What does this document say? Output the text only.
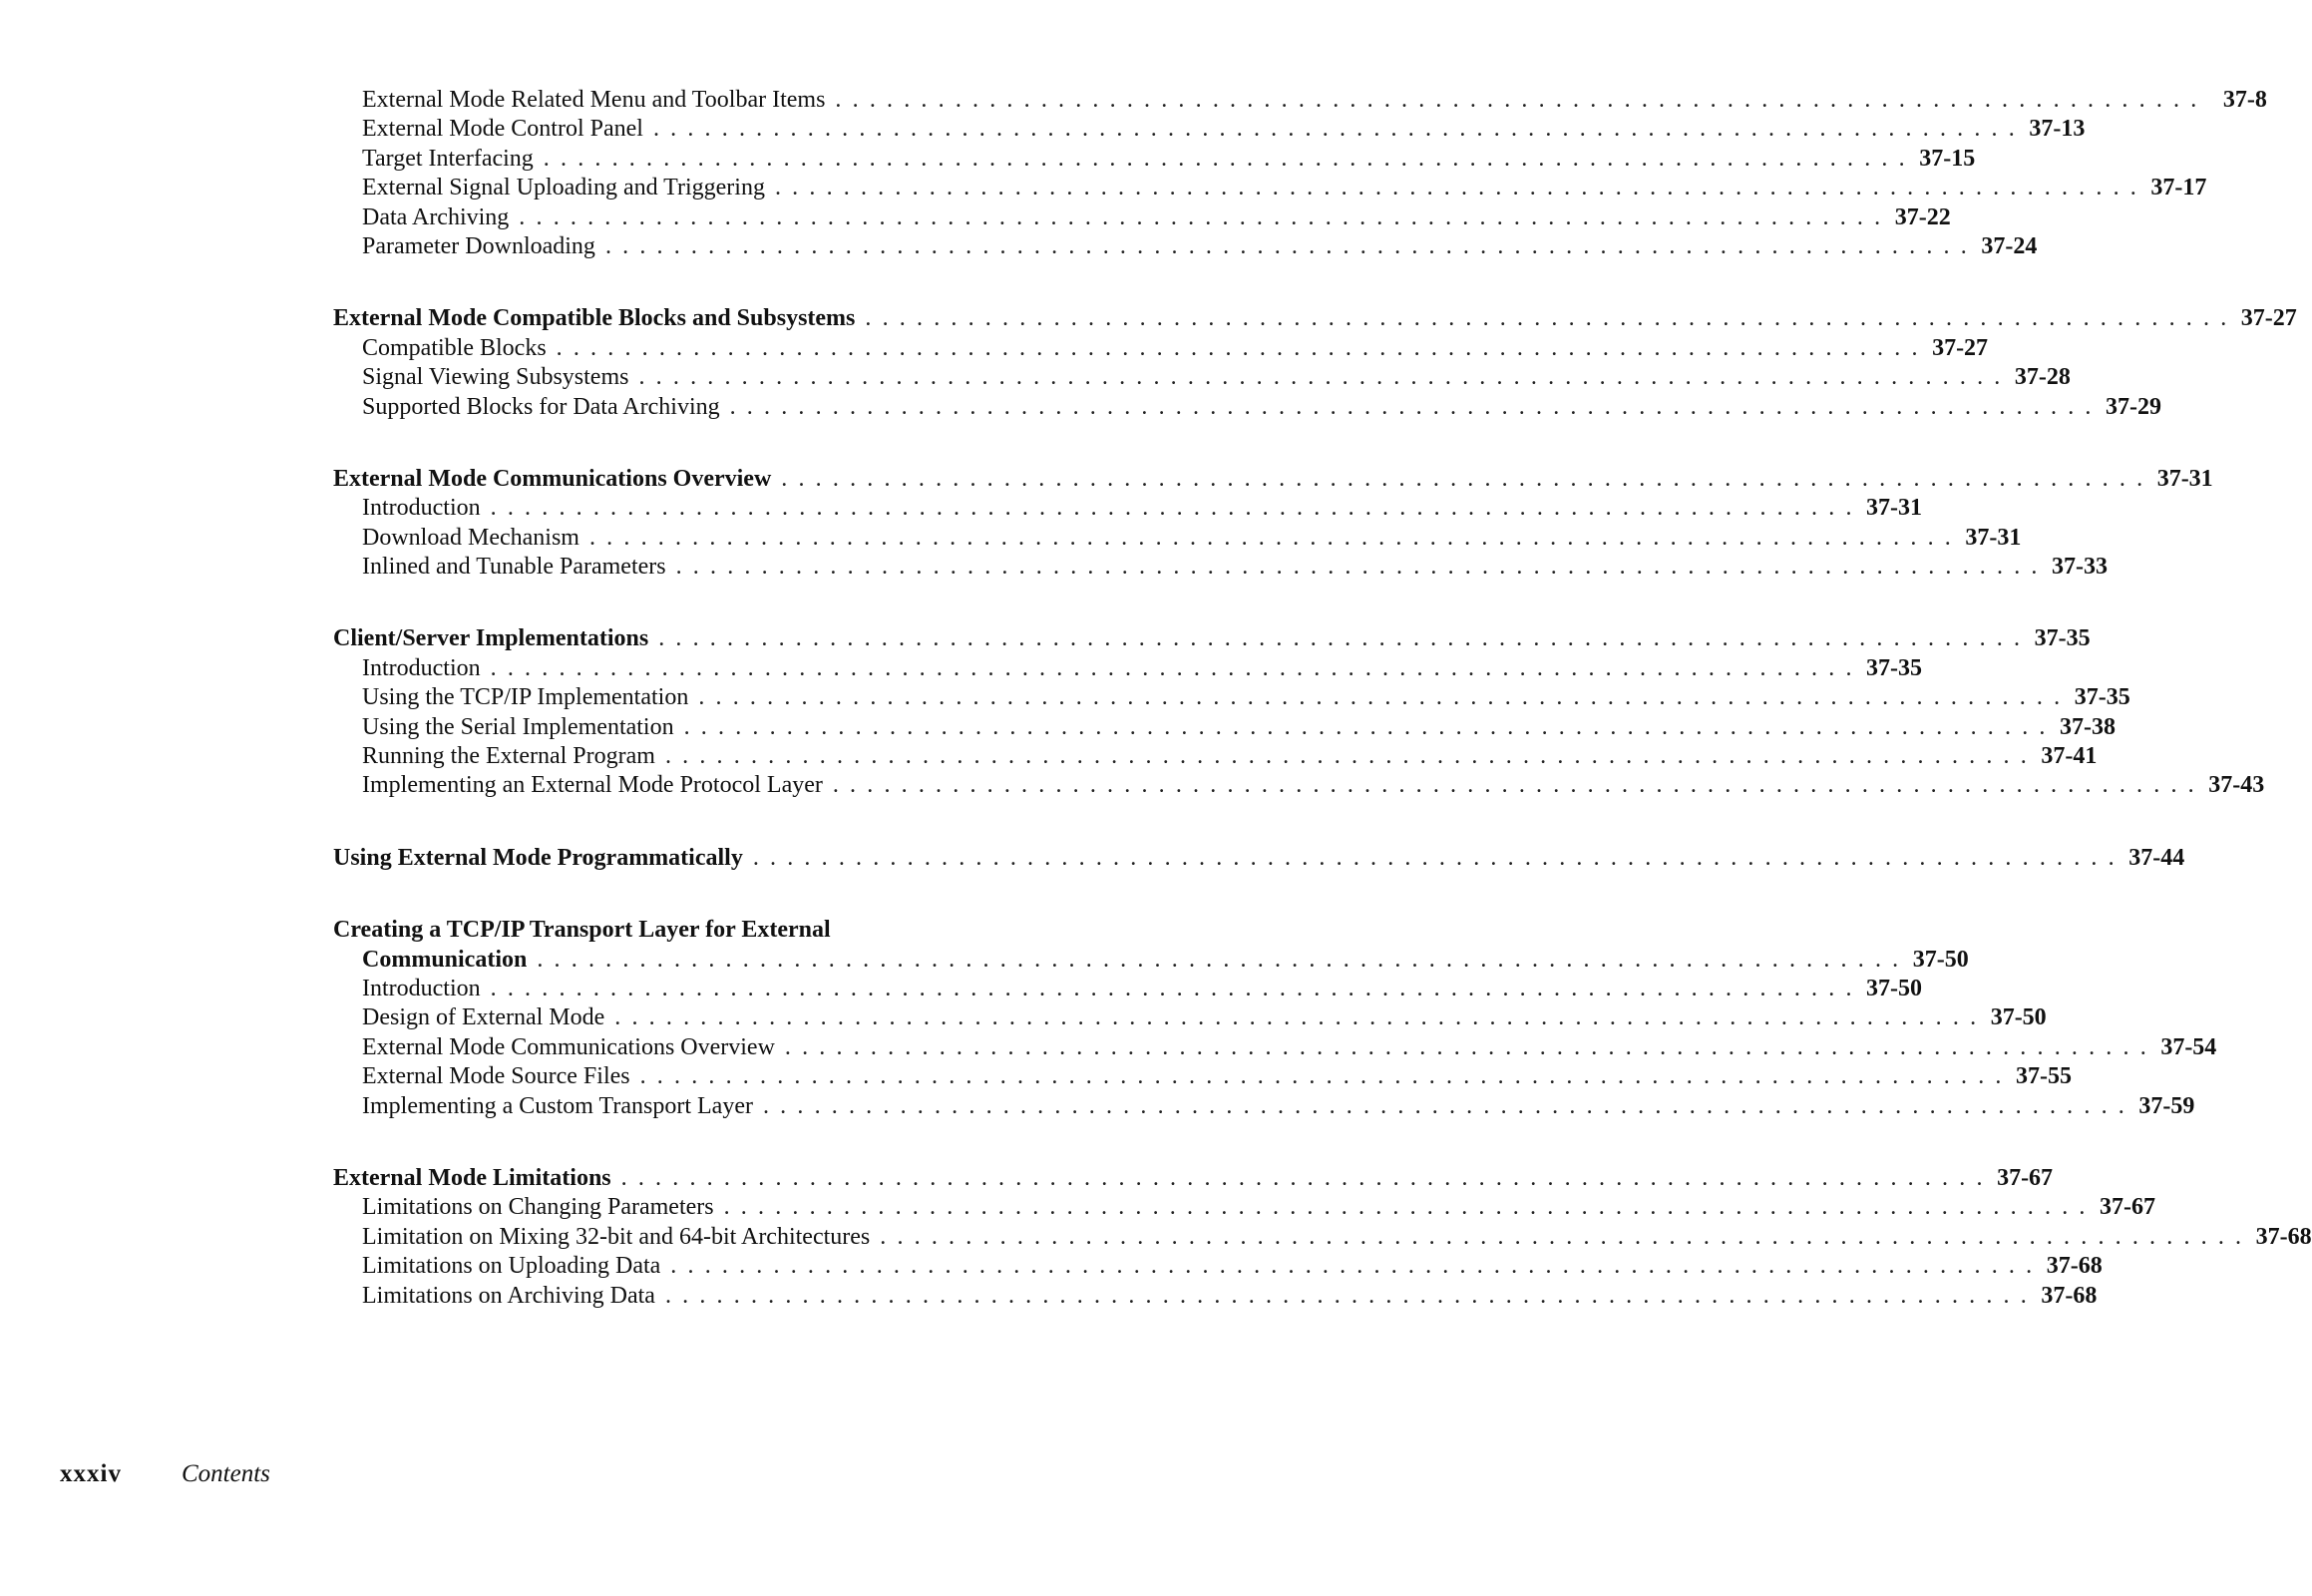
External Mode Related Menu and Toolbar Items . . . . . . . . . . . . . . . . . . . . . . . . . . . . . . . . . . . . . . . . . . . . . . . . . . . . . . . . . . . . . . . . . . . . . . . . . . . . . . . .	37-8
External Mode Control Panel . . . . . . . . . . . . . . . . . . . . . . . . . . . . . . . . . . . . . . . . . . . . . . . . . . . . . . . . . . . . . . . . . . . . . . . . . . . . . . . . 37-13
Target Interfacing . . . . . . . . . . . . . . . . . . . . . . . . . . . . . . . . . . . . . . . . . . . . . . . . . . . . . . . . . . . . . . . . . . . . . . . . . . . . . . . . 37-15
External Signal Uploading and Triggering . . . . . . . . . . . . . . . . . . . . . . . . . . . . . . . . . . . . . . . . . . . . . . . . . . . . . . . . . . . . . . . . . . . . . . . . . . . . . . . . 37-17
Data Archiving . . . . . . . . . . . . . . . . . . . . . . . . . . . . . . . . . . . . . . . . . . . . . . . . . . . . . . . . . . . . . . . . . . . . . . . . . . . . . . . . 37-22
Parameter Downloading . . . . . . . . . . . . . . . . . . . . . . . . . . . . . . . . . . . . . . . . . . . . . . . . . . . . . . . . . . . . . . . . . . . . . . . . . . . . . . . . 37-24
External Mode Compatible Blocks and Subsystems . . . . . . . . . . . . . . . . . . . . . . . . . . . . . . . . . . . . . . . . . . . . . . . . . . . . . . . . . . . . . . . . . . . . . . . . . . . . . . . . 37-27
Compatible Blocks . . . . . . . . . . . . . . . . . . . . . . . . . . . . . . . . . . . . . . . . . . . . . . . . . . . . . . . . . . . . . . . . . . . . . . . . . . . . . . . . 37-27
Signal Viewing Subsystems . . . . . . . . . . . . . . . . . . . . . . . . . . . . . . . . . . . . . . . . . . . . . . . . . . . . . . . . . . . . . . . . . . . . . . . . . . . . . . . . 37-28
Supported Blocks for Data Archiving . . . . . . . . . . . . . . . . . . . . . . . . . . . . . . . . . . . . . . . . . . . . . . . . . . . . . . . . . . . . . . . . . . . . . . . . . . . . . . . . 37-29
External Mode Communications Overview . . . . . . . . . . . . . . . . . . . . . . . . . . . . . . . . . . . . . . . . . . . . . . . . . . . . . . . . . . . . . . . . . . . . . . . . . . . . . . . . 37-31
Introduction . . . . . . . . . . . . . . . . . . . . . . . . . . . . . . . . . . . . . . . . . . . . . . . . . . . . . . . . . . . . . . . . . . . . . . . . . . . . . . . . 37-31
Download Mechanism . . . . . . . . . . . . . . . . . . . . . . . . . . . . . . . . . . . . . . . . . . . . . . . . . . . . . . . . . . . . . . . . . . . . . . . . . . . . . . . . 37-31
Inlined and Tunable Parameters . . . . . . . . . . . . . . . . . . . . . . . . . . . . . . . . . . . . . . . . . . . . . . . . . . . . . . . . . . . . . . . . . . . . . . . . . . . . . . . . 37-33
Client/Server Implementations . . . . . . . . . . . . . . . . . . . . . . . . . . . . . . . . . . . . . . . . . . . . . . . . . . . . . . . . . . . . . . . . . . . . . . . . . . . . . . . . 37-35
Introduction . . . . . . . . . . . . . . . . . . . . . . . . . . . . . . . . . . . . . . . . . . . . . . . . . . . . . . . . . . . . . . . . . . . . . . . . . . . . . . . . 37-35
Using the TCP/IP Implementation . . . . . . . . . . . . . . . . . . . . . . . . . . . . . . . . . . . . . . . . . . . . . . . . . . . . . . . . . . . . . . . . . . . . . . . . . . . . . . . . 37-35
Using the Serial Implementation . . . . . . . . . . . . . . . . . . . . . . . . . . . . . . . . . . . . . . . . . . . . . . . . . . . . . . . . . . . . . . . . . . . . . . . . . . . . . . . . 37-38
Running the External Program . . . . . . . . . . . . . . . . . . . . . . . . . . . . . . . . . . . . . . . . . . . . . . . . . . . . . . . . . . . . . . . . . . . . . . . . . . . . . . . . 37-41
Implementing an External Mode Protocol Layer . . . . . . . . . . . . . . . . . . . . . . . . . . . . . . . . . . . . . . . . . . . . . . . . . . . . . . . . . . . . . . . . . . . . . . . . . . . . . . . . 37-43
Using External Mode Programmatically . . . . . . . . . . . . . . . . . . . . . . . . . . . . . . . . . . . . . . . . . . . . . . . . . . . . . . . . . . . . . . . . . . . . . . . . . . . . . . . . 37-44
Creating a TCP/IP Transport Layer for External
Communication . . . . . . . . . . . . . . . . . . . . . . . . . . . . . . . . . . . . . . . . . . . . . . . . . . . . . . . . . . . . . . . . . . . . . . . . . . . . . . . . 37-50
Introduction . . . . . . . . . . . . . . . . . . . . . . . . . . . . . . . . . . . . . . . . . . . . . . . . . . . . . . . . . . . . . . . . . . . . . . . . . . . . . . . . 37-50
Design of External Mode . . . . . . . . . . . . . . . . . . . . . . . . . . . . . . . . . . . . . . . . . . . . . . . . . . . . . . . . . . . . . . . . . . . . . . . . . . . . . . . . 37-50
External Mode Communications Overview . . . . . . . . . . . . . . . . . . . . . . . . . . . . . . . . . . . . . . . . . . . . . . . . . . . . . . . . . . . . . . . . . . . . . . . . . . . . . . . . 37-54
External Mode Source Files . . . . . . . . . . . . . . . . . . . . . . . . . . . . . . . . . . . . . . . . . . . . . . . . . . . . . . . . . . . . . . . . . . . . . . . . . . . . . . . . 37-55
Implementing a Custom Transport Layer . . . . . . . . . . . . . . . . . . . . . . . . . . . . . . . . . . . . . . . . . . . . . . . . . . . . . . . . . . . . . . . . . . . . . . . . . . . . . . . . 37-59
External Mode Limitations . . . . . . . . . . . . . . . . . . . . . . . . . . . . . . . . . . . . . . . . . . . . . . . . . . . . . . . . . . . . . . . . . . . . . . . . . . . . . . . . 37-67
Limitations on Changing Parameters . . . . . . . . . . . . . . . . . . . . . . . . . . . . . . . . . . . . . . . . . . . . . . . . . . . . . . . . . . . . . . . . . . . . . . . . . . . . . . . . 37-67
Limitation on Mixing 32-bit and 64-bit Architectures . . . . . . . . . . . . . . . . . . . . . . . . . . . . . . . . . . . . . . . . . . . . . . . . . . . . . . . . . . . . . . . . . . . . . . . . . . . . . . . . 37-68
Limitations on Uploading Data . . . . . . . . . . . . . . . . . . . . . . . . . . . . . . . . . . . . . . . . . . . . . . . . . . . . . . . . . . . . . . . . . . . . . . . . . . . . . . . . 37-68
Limitations on Archiving Data . . . . . . . . . . . . . . . . . . . . . . . . . . . . . . . . . . . . . . . . . . . . . . . . . . . . . . . . . . . . . . . . . . . . . . . . . . . . . . . . 37-68
xxxiv Contents
